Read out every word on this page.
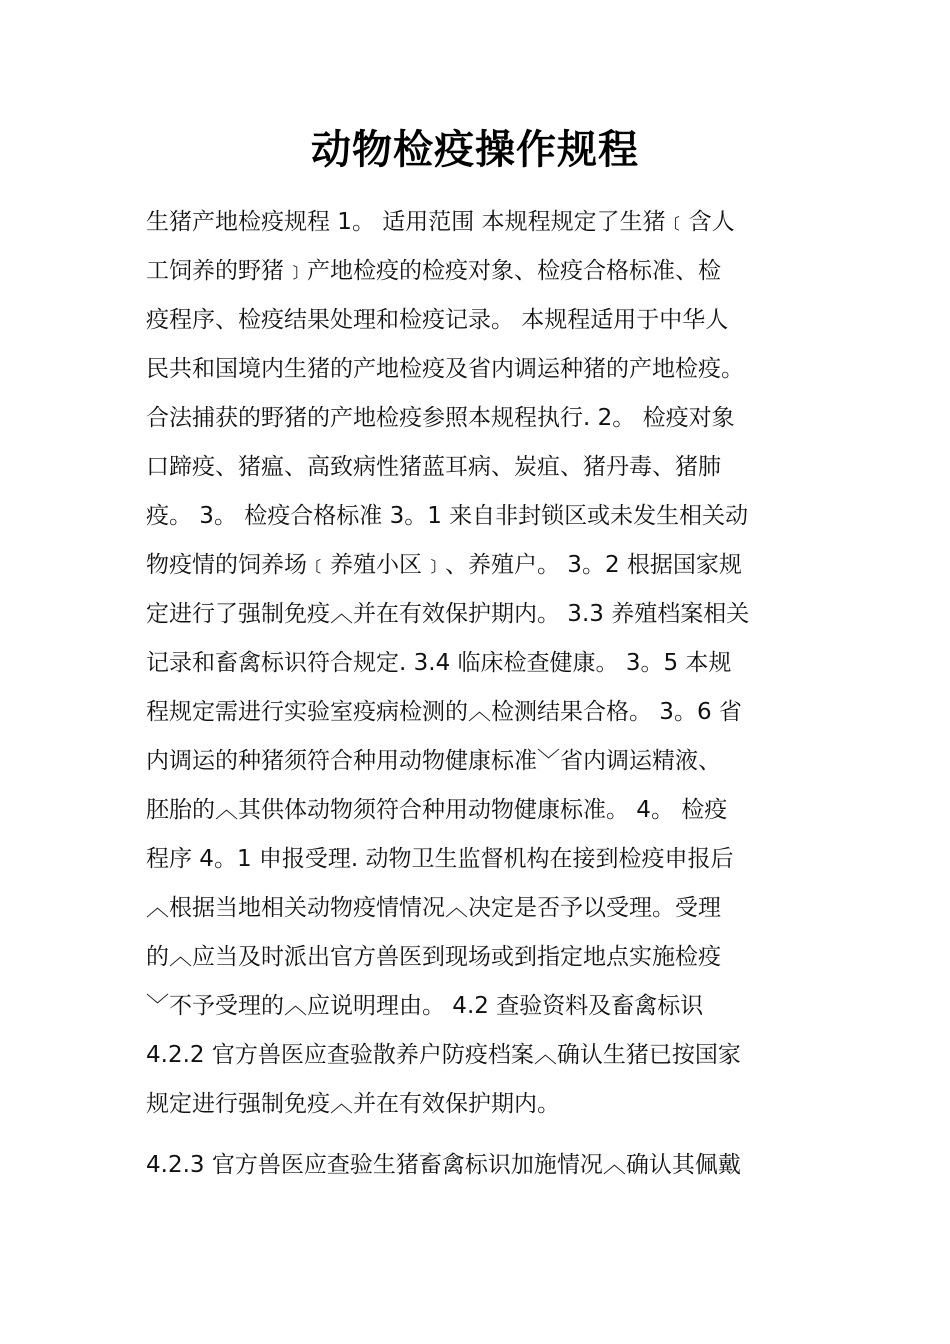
动物检疫操作规程
生猪产地检疫规程 1。 适用范围 本规程规定了生猪﹝含人
工饲养的野猪﹞产地检疫的检疫对象、检疫合格标准、检
疫程序、检疫结果处理和检疫记录。 本规程适用于中华人
民共和国境内生猪的产地检疫及省内调运种猪的产地检疫。
合法捕获的野猪的产地检疫参照本规程执行. 2。 检疫对象
口蹄疫、猪瘟、高致病性猪蓝耳病、炭疽、猪丹毒、猪肺
疫。 3。 检疫合格标准 3。1 来自非封锁区或未发生相关动
物疫情的饲养场﹝养殖小区﹞、养殖户。 3。2 根据国家规
定进行了强制免疫︿并在有效保护期内。 3.3 养殖档案相关
记录和畜禽标识符合规定. 3.4 临床检查健康。 3。5 本规
程规定需进行实验室疫病检测的︿检测结果合格。 3。6 省
内调运的种猪须符合种用动物健康标准﹀省内调运精液、
胚胎的︿其供体动物须符合种用动物健康标准。 4。 检疫
程序 4。1 申报受理. 动物卫生监督机构在接到检疫申报后
︿根据当地相关动物疫情情况︿决定是否予以受理。受理
的︿应当及时派出官方兽医到现场或到指定地点实施检疫
﹀不予受理的︿应说明理由。 4.2 查验资料及畜禽标识
4.2.2 官方兽医应查验散养户防疫档案︿确认生猪已按国家
规定进行强制免疫︿并在有效保护期内。
4.2.3 官方兽医应查验生猪畜禽标识加施情况︿确认其佩戴
